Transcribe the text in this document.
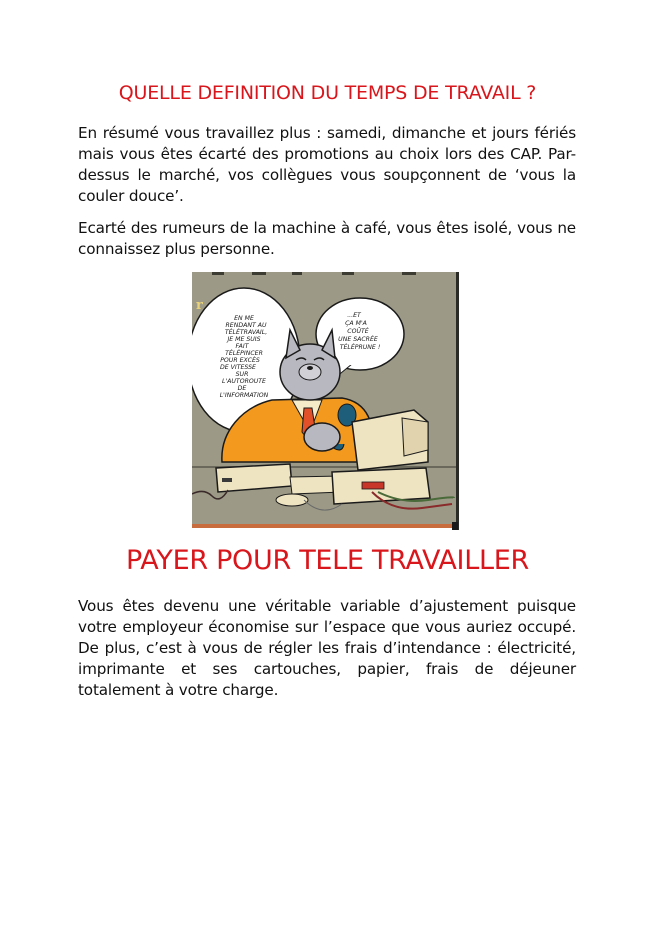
QUELLE DEFINITION DU TEMPS DE TRAVAIL ?

En résumé vous travaillez plus : samedi, dimanche et jours fériés mais vous êtes écarté des promotions au choix lors des CAP. Par-dessus le marché, vos collègues vous soupçonnent de ‘vous la couler douce’.

Ecarté des rumeurs de la machine à café, vous êtes isolé, vous ne connaissez plus personne.

r
EN ME
RENDANT AU
TÉLÉTRAVAIL,
JE ME SUIS
FAIT
TÉLÉPINCER
POUR EXCÈS
DE VITESSE
SUR
L'AUTOROUTE
DE
L'INFORMATION
...ET
ÇA M'A
COÛTÉ
UNE SACRÉE
TÉLÉPRUNE !
PAYER POUR TELE TRAVAILLER

Vous êtes devenu une véritable variable d’ajustement puisque votre employeur économise sur l’espace que vous auriez occupé. De plus, c’est à vous de régler les frais d’intendance : électricité, imprimante et ses cartouches, papier, frais de déjeuner totalement à votre charge.
